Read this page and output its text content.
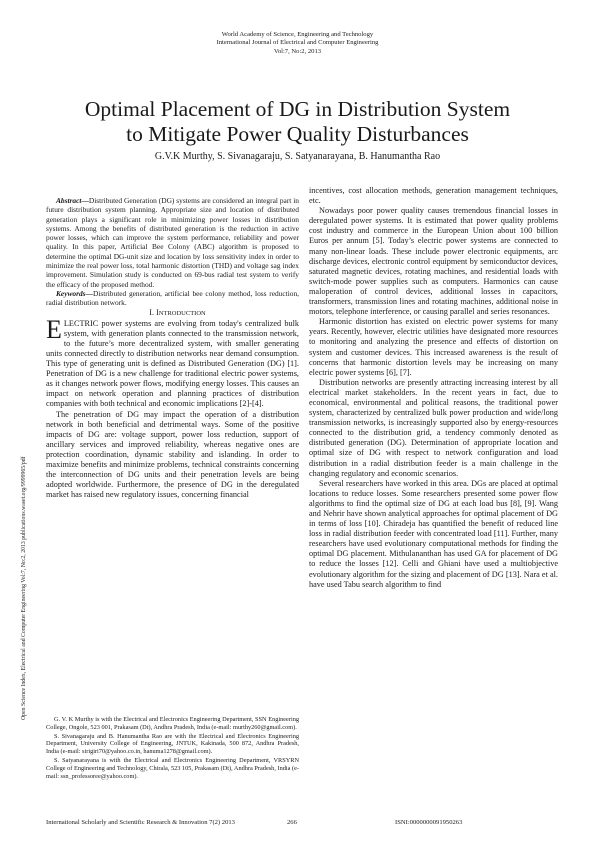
World Academy of Science, Engineering and Technology
International Journal of Electrical and Computer Engineering
Vol:7, No:2, 2013
Optimal Placement of DG in Distribution System
to Mitigate Power Quality Disturbances
G.V.K Murthy, S. Sivanagaraju, S. Satyanarayana, B. Hanumantha Rao
Open Science Index, Electrical and Computer Engineering Vol:7, No:2, 2013 publications.waset.org/9999965/pdf

Abstract—Distributed Generation (DG) systems are considered an integral part in future distribution system planning. Appropriate size and location of distributed generation plays a significant role in minimizing power losses in distribution systems. Among the benefits of distributed generation is the reduction in active power losses, which can improve the system performance, reliability and power quality. In this paper, Artificial Bee Colony (ABC) algorithm is proposed to determine the optimal DG-unit size and location by loss sensitivity index in order to minimize the real power loss, total harmonic distortion (THD) and voltage sag index improvement. Simulation study is conducted on 69-bus radial test system to verify the efficacy of the proposed method.

Keywords—Distributed generation, artificial bee colony method, loss reduction, radial distribution network.

I. INTRODUCTION

ELECTRIC power systems are evolving from today's centralized bulk system, with generation plants connected to the transmission network, to the future’s more decentralized system, with smaller generating units connected directly to distribution networks near demand consumption. This type of generating unit is defined as Distributed Generation (DG) [1]. Penetration of DG is a new challenge for traditional electric power systems, as it changes network power flows, modifying energy losses. This causes an impact on network operation and planning practices of distribution companies with both technical and economic implications [2]-[4].

The penetration of DG may impact the operation of a distribution network in both beneficial and detrimental ways. Some of the positive impacts of DG are: voltage support, power loss reduction, support of ancillary services and improved reliability, whereas negative ones are protection coordination, dynamic stability and islanding. In order to maximize benefits and minimize problems, technical constraints concerning the interconnection of DG units and their penetration levels are being adopted worldwide. Furthermore, the presence of DG in the deregulated market has raised new regulatory issues, concerning financial

incentives, cost allocation methods, generation management techniques, etc.

Nowadays poor power quality causes tremendous financial losses in deregulated power systems. It is estimated that power quality problems cost industry and commerce in the European Union about 100 billion Euros per annum [5]. Today’s electric power systems are connected to many non-linear loads. These include power electronic equipments, arc discharge devices, electronic control equipment by semiconductor devices, saturated magnetic devices, rotating machines, and residential loads with switch-mode power supplies such as computers. Harmonics can cause maloperation of control devices, additional losses in capacitors, transformers, transmission lines and rotating machines, additional noise in motors, telephone interference, or causing parallel and series resonances.

Harmonic distortion has existed on electric power systems for many years. Recently, however, electric utilities have designated more resources to monitoring and analyzing the presence and effects of distortion on system and customer devices. This increased awareness is the result of concerns that harmonic distortion levels may be increasing on many electric power systems [6], [7].

Distribution networks are presently attracting increasing interest by all electrical market stakeholders. In the recent years in fact, due to economical, environmental and political reasons, the traditional power system, characterized by centralized bulk power production and wide/long transmission networks, is increasingly supported also by energy-resources connected to the distribution grid, a tendency commonly denoted as distributed generation (DG). Determination of appropriate location and optimal size of DG with respect to network configuration and load distribution in a radial distribution feeder is a main challenge in the changing regulatory and economic scenarios.

Several researchers have worked in this area. DGs are placed at optimal locations to reduce losses. Some researchers presented some power flow algorithms to find the optimal size of DG at each load bus [8], [9]. Wang and Nehrir have shown analytical approaches for optimal placement of DG in terms of loss [10]. Chiradeja has quantified the benefit of reduced line loss in radial distribution feeder with concentrated load [11]. Further, many researchers have used evolutionary computational methods for finding the optimal DG placement. Mithulananthan has used GA for placement of DG to reduce the losses [12]. Celli and Ghiani have used a multiobjective evolutionary algorithm for the sizing and placement of DG [13]. Nara et al. have used Tabu search algorithm to find

G. V. K Murthy is with the Electrical and Electronics Engineering Department, SSN Engineering College, Ongole, 523 001, Prakasam (Dt), Andhra Pradesh, India (e-mail: murthy260@gmail.com).

S. Sivanagaraju and B. Hanumantha Rao are with the Electrical and Electronics Engineering Department, University College of Engineering, JNTUK, Kakinada, 500 872, Andhra Pradesh, India (e-mail: sirigiri70@yahoo.co.in, hanuma1278@gmail.com).

S. Satyanarayana is with the Electrical and Electronics Engineering Department, VRSYRN College of Engineering and Technology, Chirala, 523 105, Prakasam (Dt), Andhra Pradesh, India (e-mail: ssn_professoree@yahoo.com).

International Scholarly and Scientific Research & Innovation 7(2) 2013	266	ISNI:0000000091950263
